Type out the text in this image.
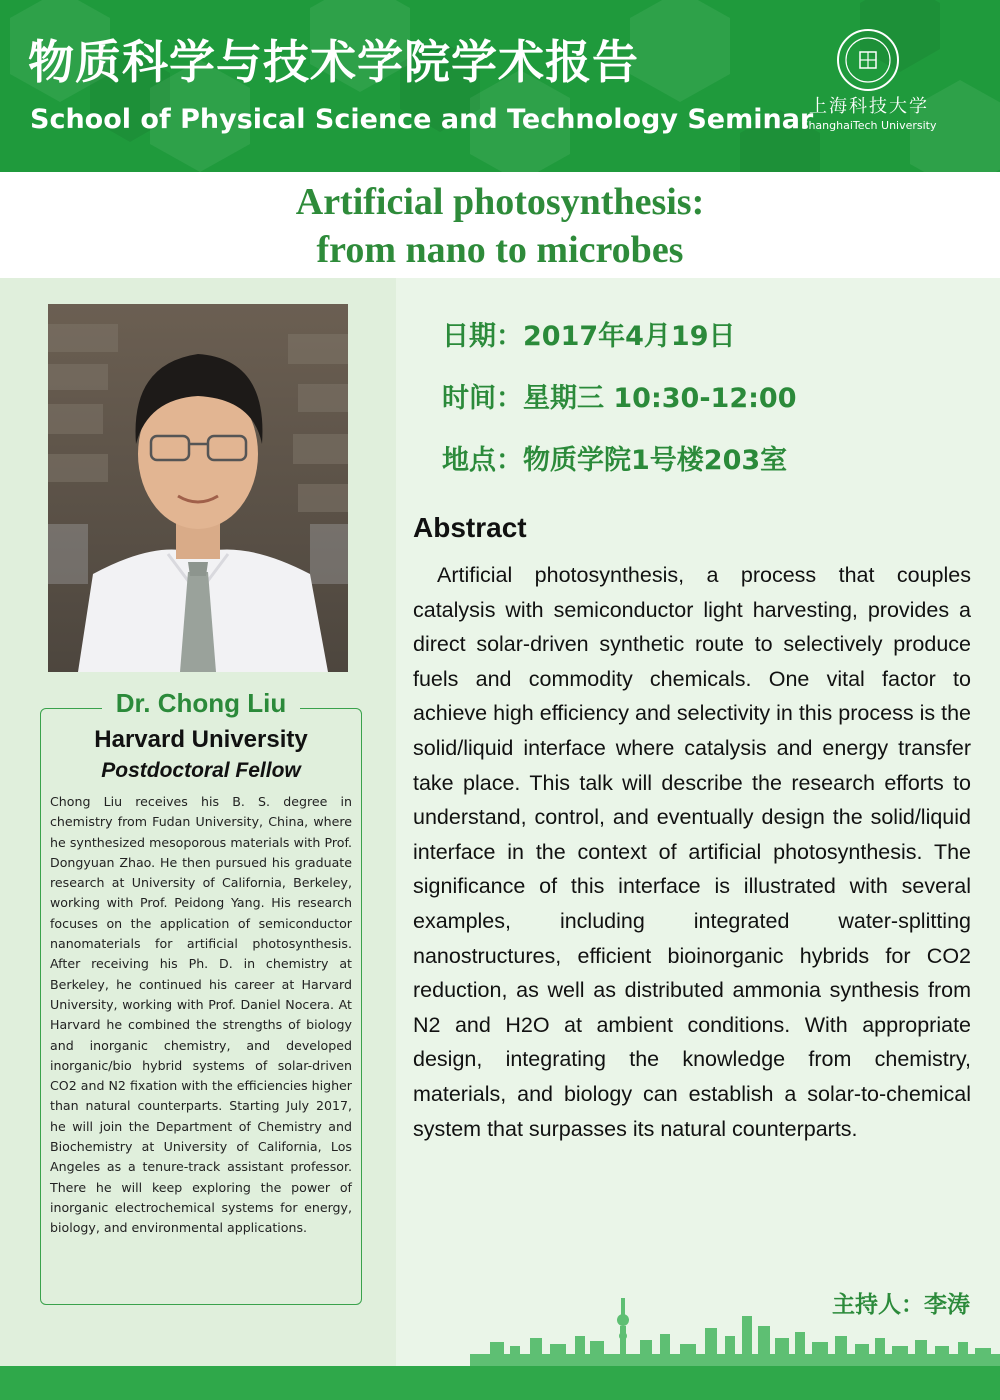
物质科学与技术学院学术报告
School of Physical Science and Technology Seminar
上海科技大学
ShanghaiTech University
Artificial photosynthesis:
from nano to microbes
Dr. Chong Liu
Harvard University
Postdoctoral Fellow
Chong Liu receives his B. S. degree in chemistry from Fudan University, China, where he synthesized mesoporous materials with Prof. Dongyuan Zhao. He then pursued his graduate research at University of California, Berkeley, working with Prof. Peidong Yang. His research focuses on the application of semiconductor nanomaterials for artificial photosynthesis. After receiving his Ph. D. in chemistry at Berkeley, he continued his career at Harvard University, working with Prof. Daniel Nocera. At Harvard he combined the strengths of biology and inorganic chemistry, and developed inorganic/bio hybrid systems of solar-driven CO2 and N2 fixation with the efficiencies higher than natural counterparts. Starting July 2017, he will join the Department of Chemistry and Biochemistry at University of California, Los Angeles as a tenure-track assistant professor. There he will keep exploring the power of inorganic electrochemical systems for energy, biology, and environmental applications.
日期：2017年4月19日
时间：星期三 10:30-12:00
地点：物质学院1号楼203室
Abstract
Artificial photosynthesis, a process that couples catalysis with semiconductor light harvesting, provides a direct solar-driven synthetic route to selectively produce fuels and commodity chemicals. One vital factor to achieve high efficiency and selectivity in this process is the solid/liquid interface where catalysis and energy transfer take place. This talk will describe the research efforts to understand, control, and eventually design the solid/liquid interface in the context of artificial photosynthesis. The significance of this interface is illustrated with several examples, including integrated water-splitting nanostructures, efficient bioinorganic hybrids for CO2 reduction, as well as distributed ammonia synthesis from N2 and H2O at ambient conditions. With appropriate design, integrating the knowledge from chemistry, materials, and biology can establish a solar-to-chemical system that surpasses its natural counterparts.
主持人：李涛
